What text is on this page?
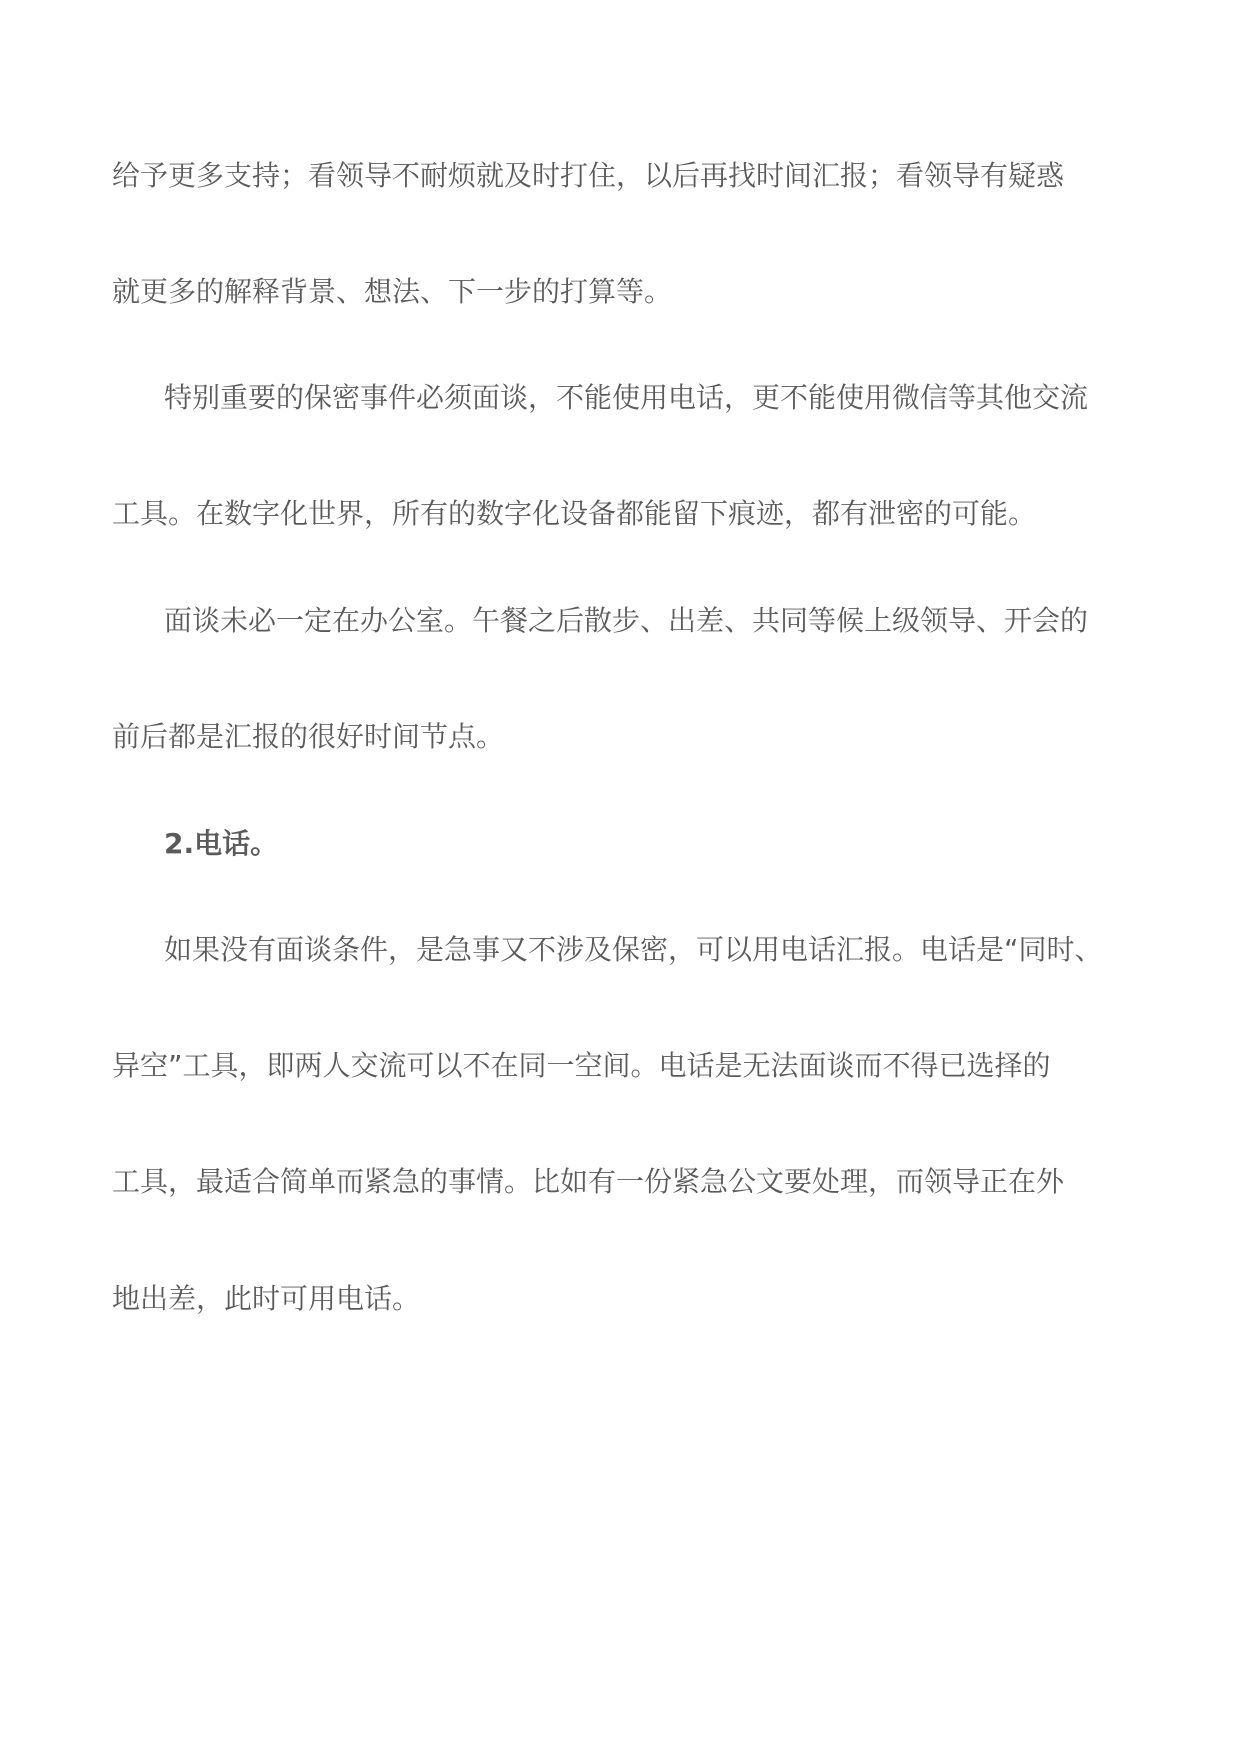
给予更多支持；看领导不耐烦就及时打住，以后再找时间汇报；看领导有疑惑
就更多的解释背景、想法、下一步的打算等。
特别重要的保密事件必须面谈，不能使用电话，更不能使用微信等其他交流
工具。在数字化世界，所有的数字化设备都能留下痕迹，都有泄密的可能。
面谈未必一定在办公室。午餐之后散步、出差、共同等候上级领导、开会的
前后都是汇报的很好时间节点。
2.电话。
如果没有面谈条件，是急事又不涉及保密，可以用电话汇报。电话是“同时、
异空”工具，即两人交流可以不在同一空间。电话是无法面谈而不得已选择的
工具，最适合简单而紧急的事情。比如有一份紧急公文要处理，而领导正在外
地出差，此时可用电话。
